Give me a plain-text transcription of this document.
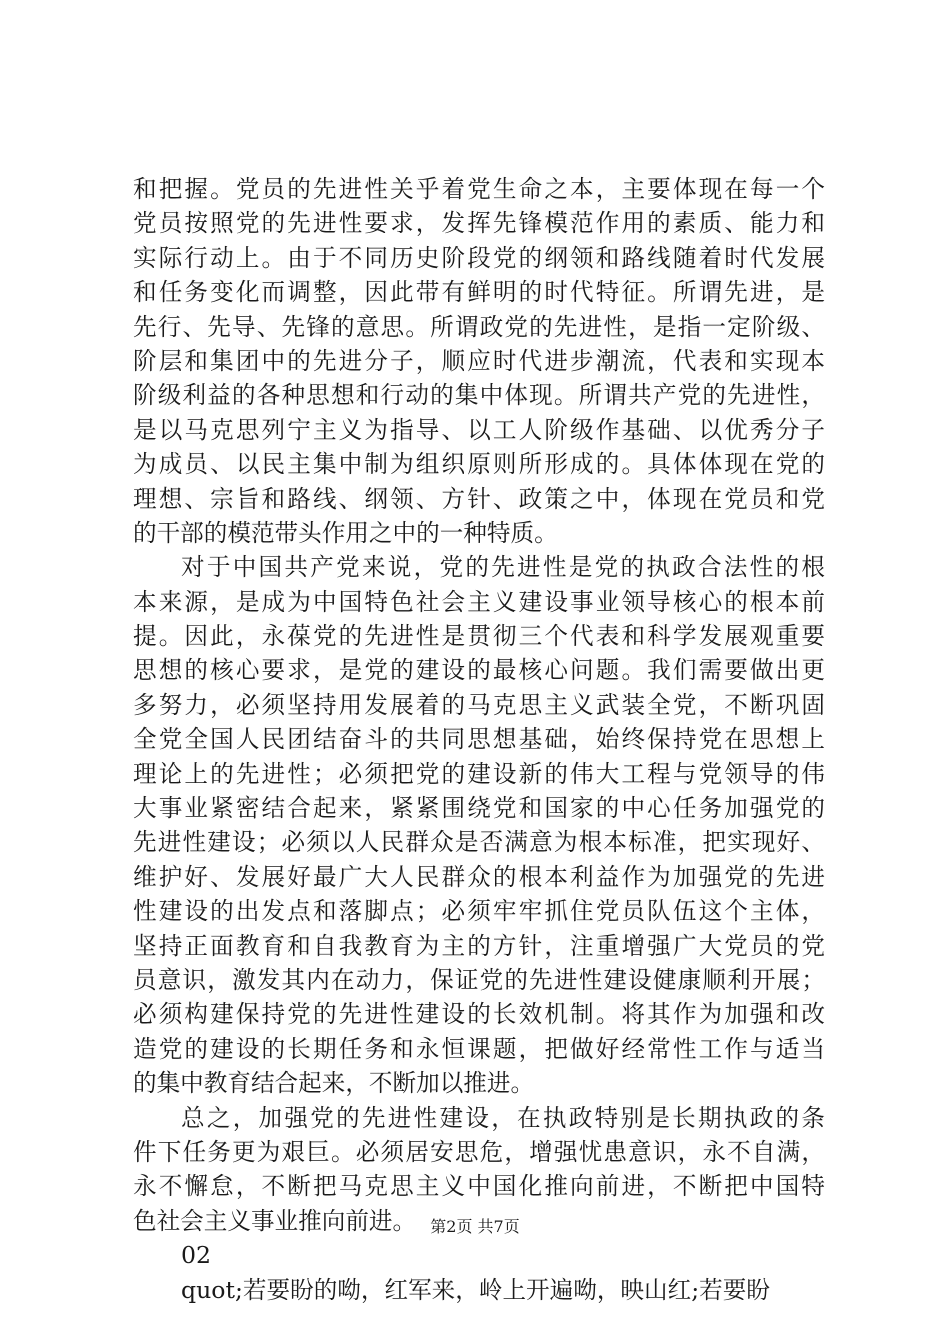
和把握。党员的先进性关乎着党生命之本，主要体现在每一个
党员按照党的先进性要求，发挥先锋模范作用的素质、能力和
实际行动上。由于不同历史阶段党的纲领和路线随着时代发展
和任务变化而调整，因此带有鲜明的时代特征。所谓先进，是
先行、先导、先锋的意思。所谓政党的先进性，是指一定阶级、
阶层和集团中的先进分子，顺应时代进步潮流，代表和实现本
阶级利益的各种思想和行动的集中体现。所谓共产党的先进性，
是以马克思列宁主义为指导、以工人阶级作基础、以优秀分子
为成员、以民主集中制为组织原则所形成的。具体体现在党的
理想、宗旨和路线、纲领、方针、政策之中，体现在党员和党
的干部的模范带头作用之中的一种特质。
对于中国共产党来说，党的先进性是党的执政合法性的根
本来源，是成为中国特色社会主义建设事业领导核心的根本前
提。因此，永葆党的先进性是贯彻三个代表和科学发展观重要
思想的核心要求，是党的建设的最核心问题。我们需要做出更
多努力，必须坚持用发展着的马克思主义武装全党，不断巩固
全党全国人民团结奋斗的共同思想基础，始终保持党在思想上
理论上的先进性；必须把党的建设新的伟大工程与党领导的伟
大事业紧密结合起来，紧紧围绕党和国家的中心任务加强党的
先进性建设；必须以人民群众是否满意为根本标准，把实现好、
维护好、发展好最广大人民群众的根本利益作为加强党的先进
性建设的出发点和落脚点；必须牢牢抓住党员队伍这个主体，
坚持正面教育和自我教育为主的方针，注重增强广大党员的党
员意识，激发其内在动力，保证党的先进性建设健康顺利开展；
必须构建保持党的先进性建设的长效机制。将其作为加强和改
造党的建设的长期任务和永恒课题，把做好经常性工作与适当
的集中教育结合起来，不断加以推进。
总之，加强党的先进性建设，在执政特别是长期执政的条
件下任务更为艰巨。必须居安思危，增强忧患意识，永不自满，
永不懈怠，不断把马克思主义中国化推向前进，不断把中国特
色社会主义事业推向前进。
02
quot;若要盼的呦，红军来，岭上开遍呦，映山红;若要盼
第2页 共7页
